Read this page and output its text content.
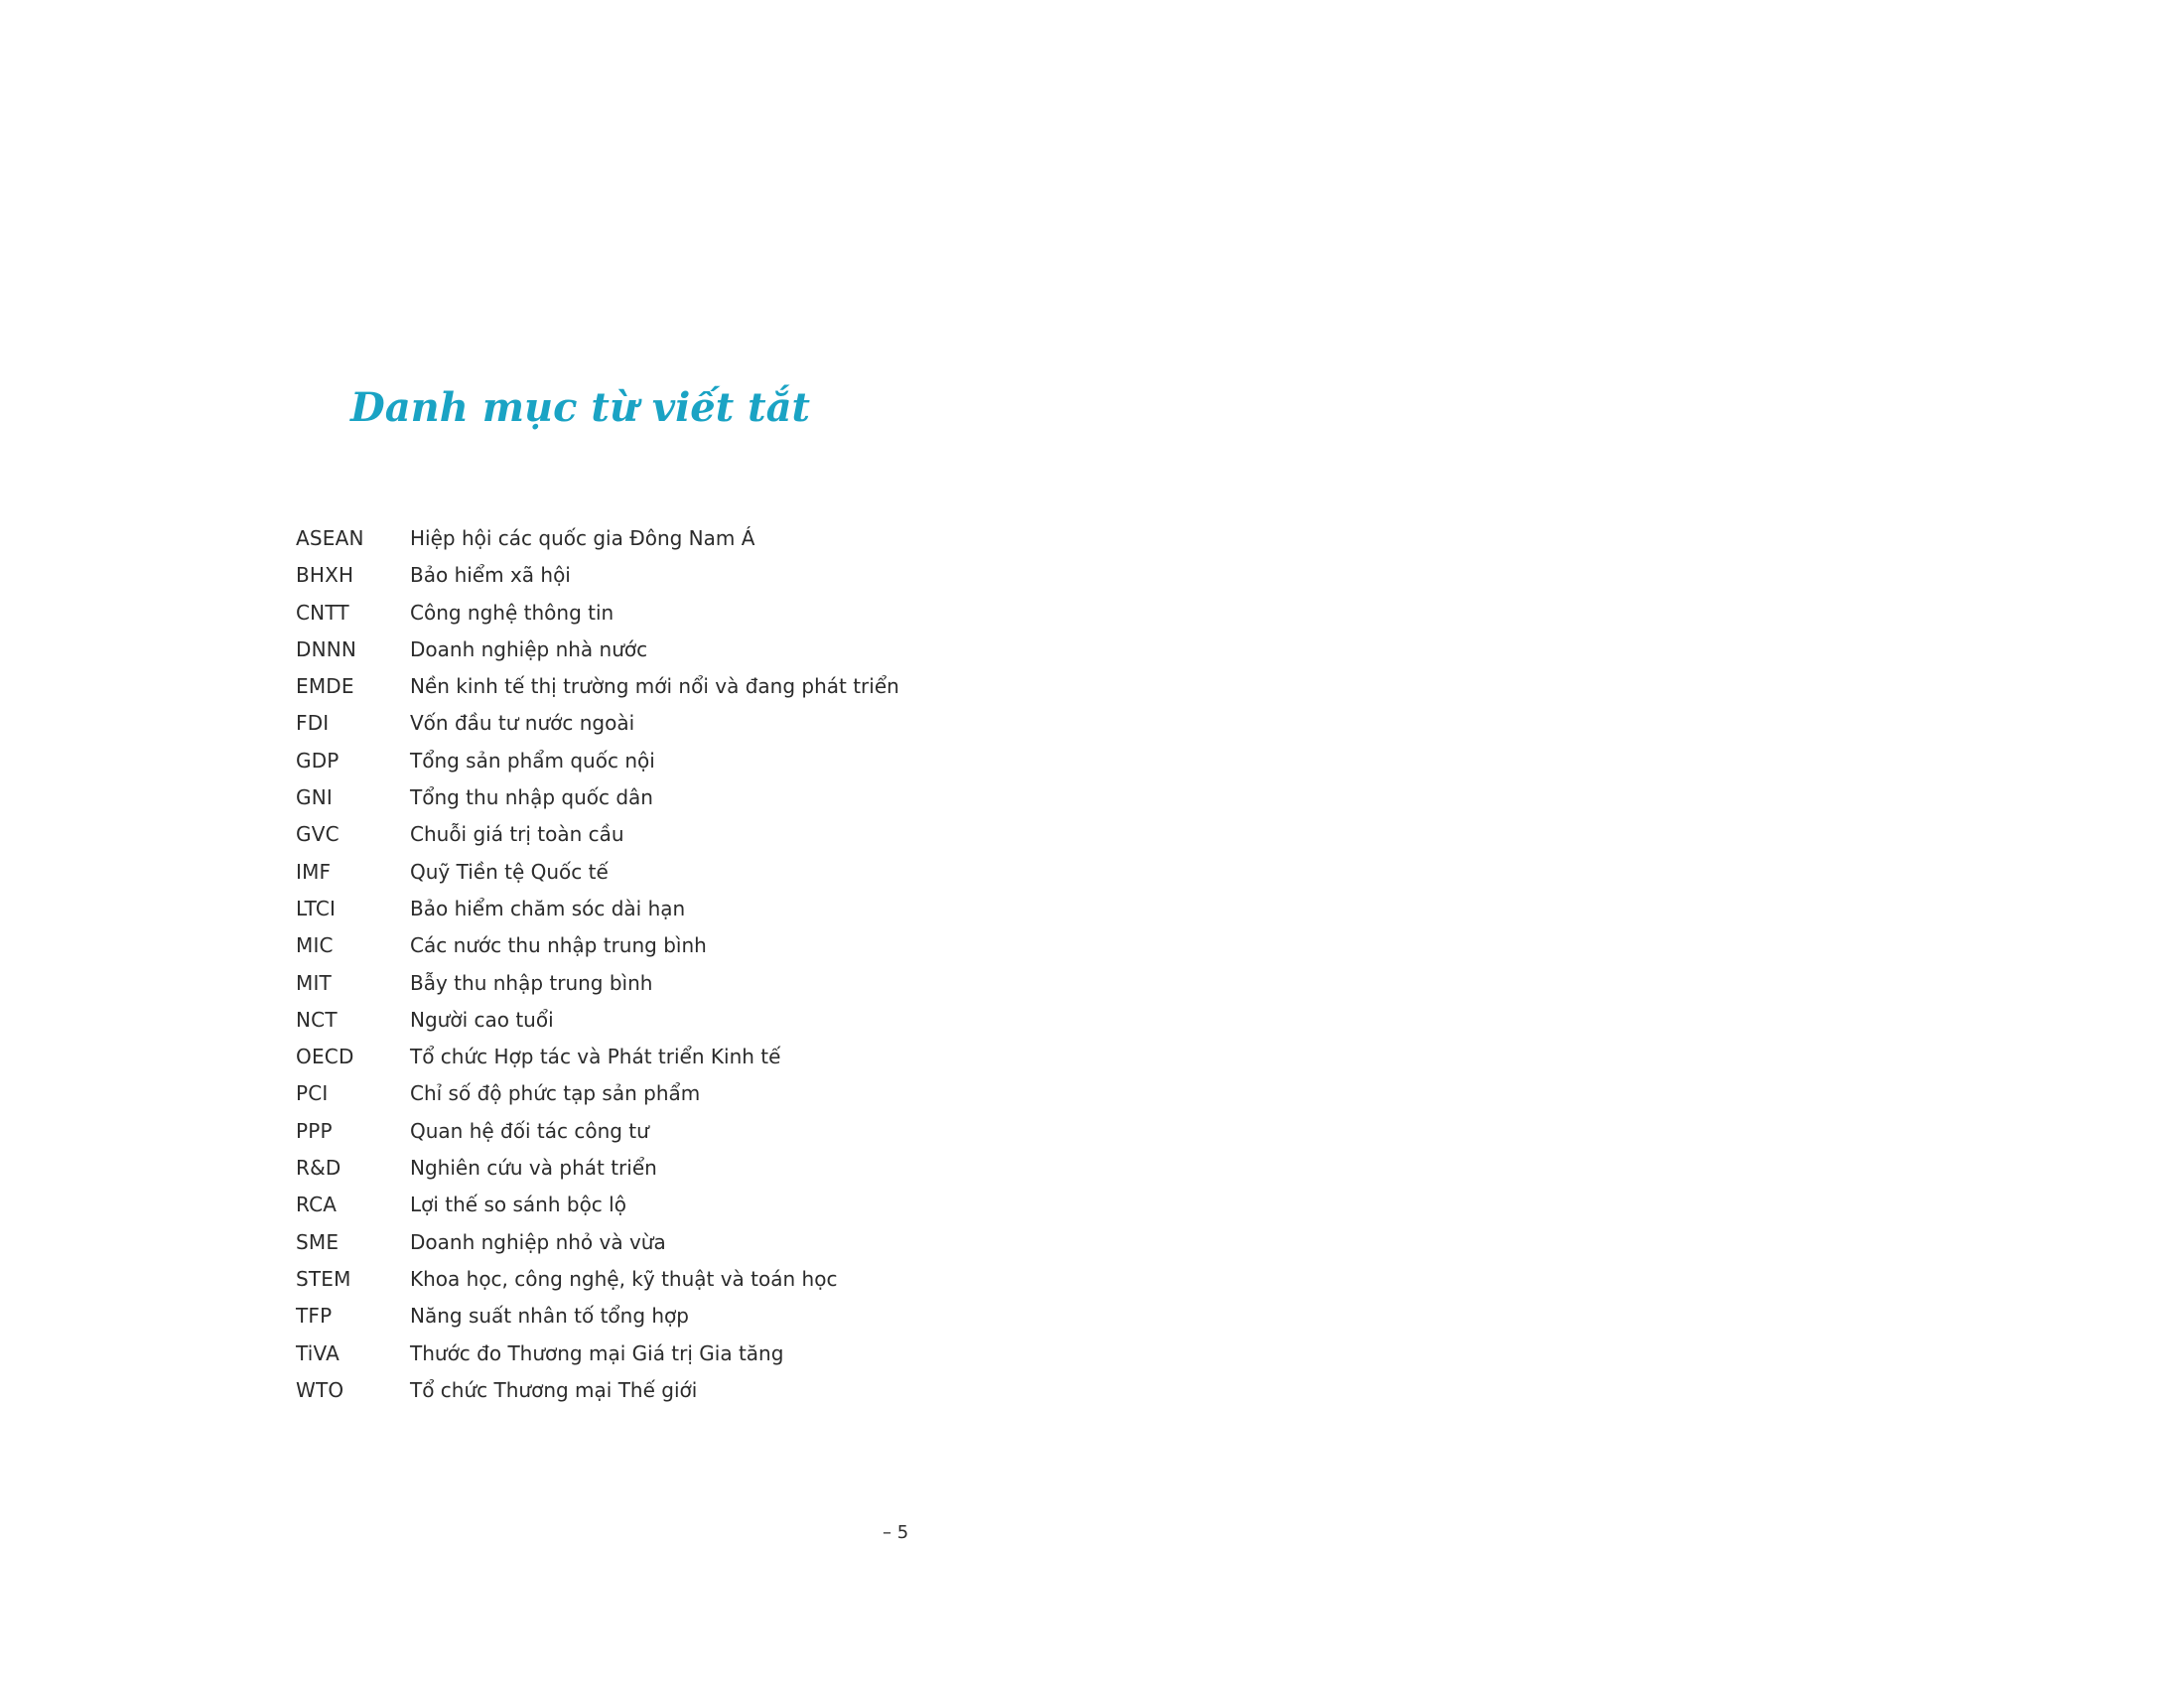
Danh mục từ viết tắt
ASEAN	Hiệp hội các quốc gia Đông Nam Á
BHXH	Bảo hiểm xã hội
CNTT	Công nghệ thông tin
DNNN	Doanh nghiệp nhà nước
EMDE	Nền kinh tế thị trường mới nổi và đang phát triển
FDI	Vốn đầu tư nước ngoài
GDP	Tổng sản phẩm quốc nội
GNI	Tổng thu nhập quốc dân
GVC	Chuỗi giá trị toàn cầu
IMF	Quỹ Tiền tệ Quốc tế
LTCI	Bảo hiểm chăm sóc dài hạn
MIC	Các nước thu nhập trung bình
MIT	Bẫy thu nhập trung bình
NCT	Người cao tuổi
OECD	Tổ chức Hợp tác và Phát triển Kinh tế
PCI	Chỉ số độ phức tạp sản phẩm
PPP	Quan hệ đối tác công tư
R&D	Nghiên cứu và phát triển
RCA	Lợi thế so sánh bộc lộ
SME	Doanh nghiệp nhỏ và vừa
STEM	Khoa học, công nghệ, kỹ thuật và toán học
TFP	Năng suất nhân tố tổng hợp
TiVA	Thước đo Thương mại Giá trị Gia tăng
WTO	Tổ chức Thương mại Thế giới
– 5
